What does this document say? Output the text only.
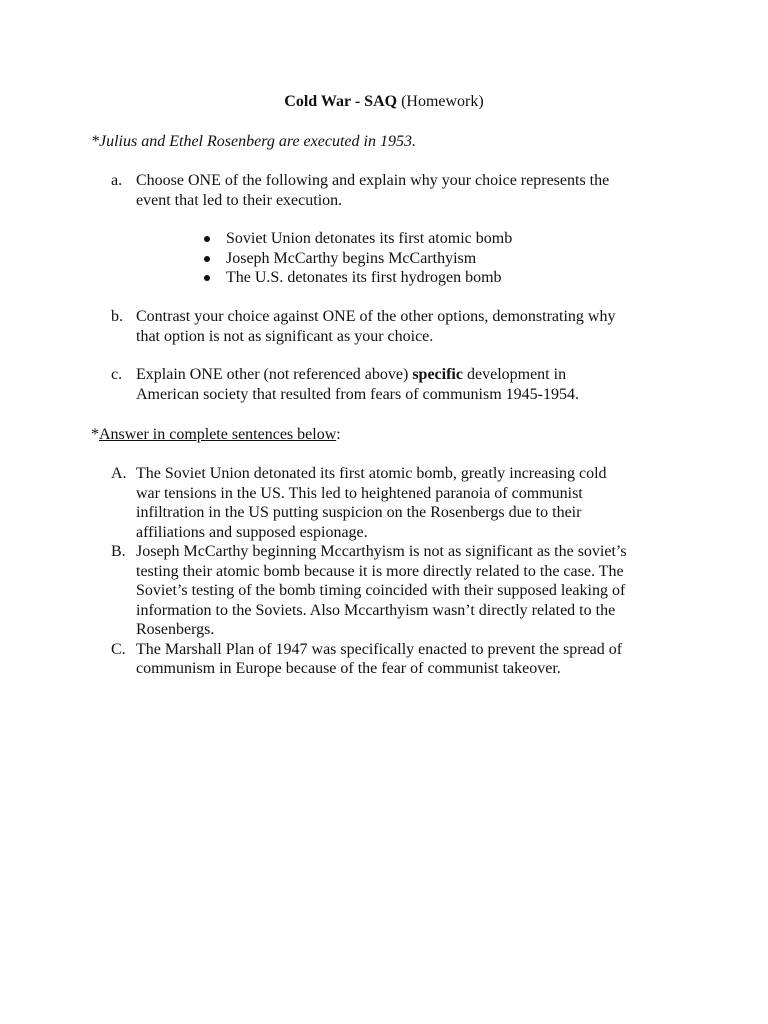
Cold War - SAQ (Homework)
*Julius and Ethel Rosenberg are executed in 1953.
a. Choose ONE of the following and explain why your choice represents the
event that led to their execution.
Soviet Union detonates its first atomic bomb
Joseph McCarthy begins McCarthyism
The U.S. detonates its first hydrogen bomb
b. Contrast your choice against ONE of the other options, demonstrating why
that option is not as significant as your choice.
c. Explain ONE other (not referenced above) specific development in
American society that resulted from fears of communism 1945-1954.
*Answer in complete sentences below:
A. The Soviet Union detonated its first atomic bomb, greatly increasing cold
war tensions in the US. This led to heightened paranoia of communist
infiltration in the US putting suspicion on the Rosenbergs due to their
affiliations and supposed espionage.
B. Joseph McCarthy beginning Mccarthyism is not as significant as the soviet’s
testing their atomic bomb because it is more directly related to the case. The
Soviet’s testing of the bomb timing coincided with their supposed leaking of
information to the Soviets. Also Mccarthyism wasn’t directly related to the
Rosenbergs.
C. The Marshall Plan of 1947 was specifically enacted to prevent the spread of
communism in Europe because of the fear of communist takeover.
